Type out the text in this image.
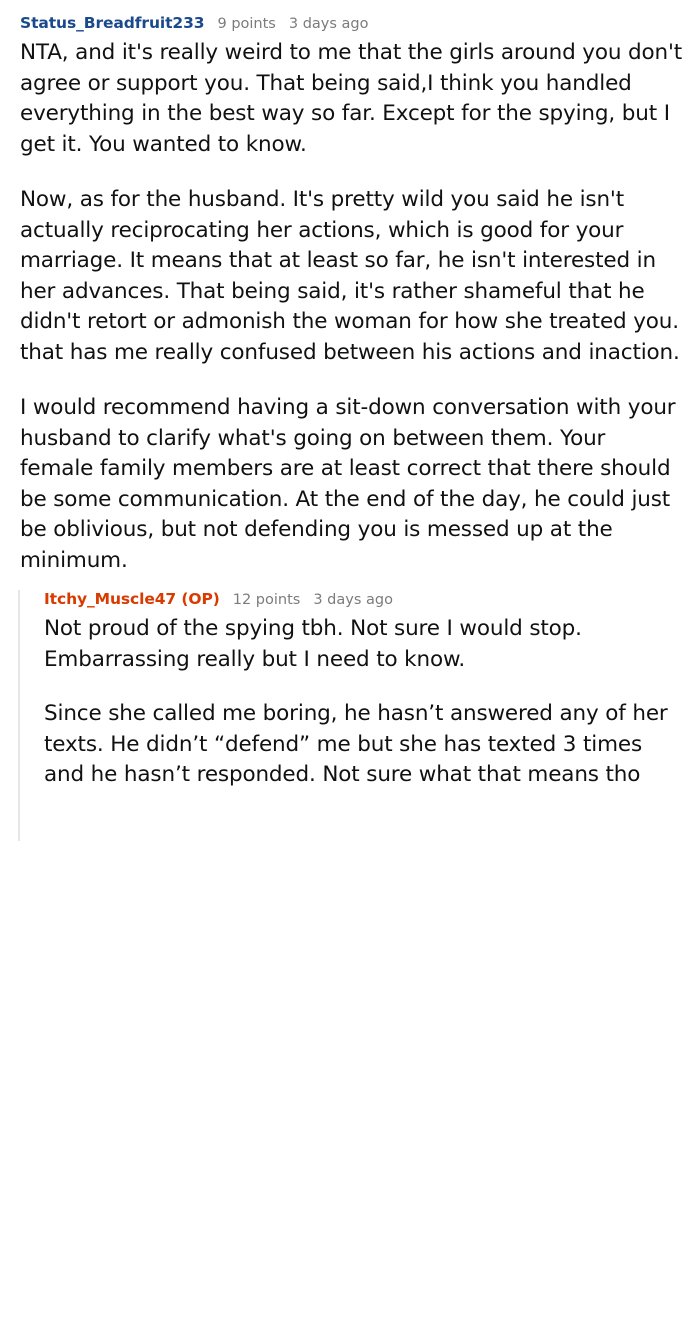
Status_Breadfruit233 9 points 3 days ago

NTA, and it's really weird to me that the girls around you don't agree or support you. That being said,I think you handled everything in the best way so far. Except for the spying, but I get it. You wanted to know.

Now, as for the husband. It's pretty wild you said he isn't actually reciprocating her actions, which is good for your marriage. It means that at least so far, he isn't interested in her advances. That being said, it's rather shameful that he didn't retort or admonish the woman for how she treated you. that has me really confused between his actions and inaction.

I would recommend having a sit-down conversation with your husband to clarify what's going on between them. Your female family members are at least correct that there should be some communication. At the end of the day, he could just be oblivious, but not defending you is messed up at the minimum.

Itchy_Muscle47 (OP) 12 points 3 days ago

Not proud of the spying tbh. Not sure I would stop. Embarrassing really but I need to know.

Since she called me boring, he hasn’t answered any of her texts. He didn’t “defend” me but she has texted 3 times and he hasn’t responded. Not sure what that means tho
